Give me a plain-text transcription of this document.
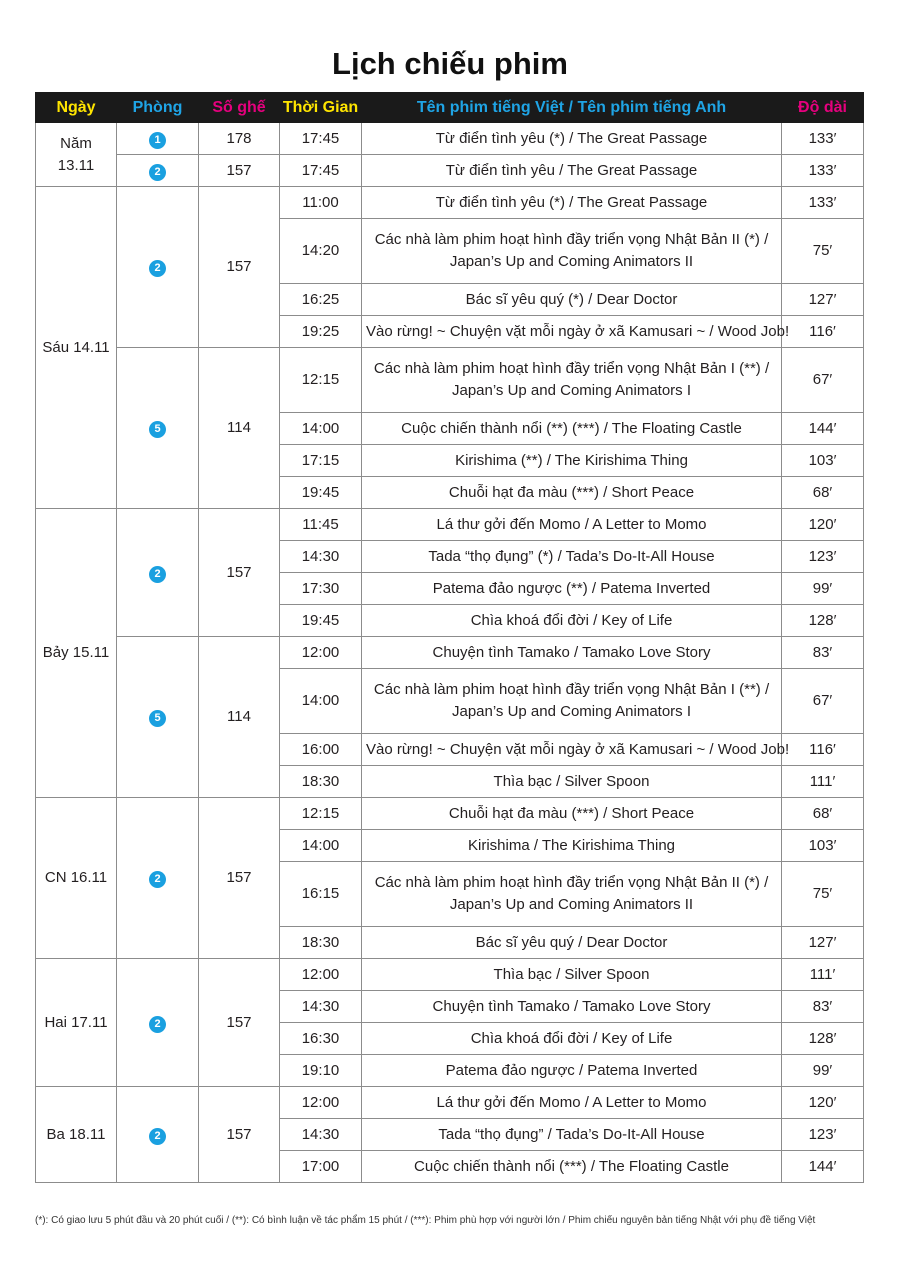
Lịch chiếu phim
Ngày	Phòng	Số ghế	Thời Gian	Tên phim tiếng Việt / Tên phim tiếng Anh	Độ dài
Năm 13.11	1	178	17:45	Từ điển tình yêu (*) / The Great Passage	133′
	2	157	17:45	Từ điển tình yêu / The Great Passage	133′
Sáu 14.11	2	157	11:00	Từ điển tình yêu (*) / The Great Passage	133′
			14:20	Các nhà làm phim hoạt hình đầy triển vọng Nhật Bản II (*) /
Japan’s Up and Coming Animators II	75′
			16:25	Bác sĩ yêu quý (*) / Dear Doctor	127′
			19:25	Vào rừng! ~ Chuyện vặt mỗi ngày ở xã Kamusari ~ / Wood Job!	116′
	5	114	12:15	Các nhà làm phim hoạt hình đầy triển vọng Nhật Bản I (**) /
Japan’s Up and Coming Animators I	67′
			14:00	Cuộc chiến thành nổi (**) (***) / The Floating Castle	144′
			17:15	Kirishima (**) / The Kirishima Thing	103′
			19:45	Chuỗi hạt đa màu (***) / Short Peace	68′
Bảy 15.11	2	157	11:45	Lá thư gởi đến Momo / A Letter to Momo	120′
			14:30	Tada “thọ đụng” (*) / Tada’s Do-It-All House	123′
			17:30	Patema đảo ngược (**) / Patema Inverted	99′
			19:45	Chìa khoá đổi đời / Key of Life	128′
	5	114	12:00	Chuyện tình Tamako / Tamako Love Story	83′
			14:00	Các nhà làm phim hoạt hình đầy triển vọng Nhật Bản I (**) /
Japan’s Up and Coming Animators I	67′
			16:00	Vào rừng! ~ Chuyện vặt mỗi ngày ở xã Kamusari ~ / Wood Job!	116′
			18:30	Thìa bạc / Silver Spoon	111′
CN 16.11	2	157	12:15	Chuỗi hạt đa màu (***) / Short Peace	68′
			14:00	Kirishima / The Kirishima Thing	103′
			16:15	Các nhà làm phim hoạt hình đầy triển vọng Nhật Bản II (*) /
Japan’s Up and Coming Animators II	75′
			18:30	Bác sĩ yêu quý / Dear Doctor	127′
Hai 17.11	2	157	12:00	Thìa bạc / Silver Spoon	111′
			14:30	Chuyện tình Tamako / Tamako Love Story	83′
			16:30	Chìa khoá đổi đời / Key of Life	128′
			19:10	Patema đảo ngược / Patema Inverted	99′
Ba 18.11	2	157	12:00	Lá thư gởi đến Momo / A Letter to Momo	120′
			14:30	Tada “thọ đụng” / Tada’s Do-It-All House	123′
			17:00	Cuộc chiến thành nổi (***) / The Floating Castle	144′
(*): Có giao lưu 5 phút đầu và 20 phút cuối / (**): Có bình luận về tác phẩm 15 phút / (***): Phim phù hợp với người lớn / Phim chiếu nguyên bản tiếng Nhật với phụ đề tiếng Việt
